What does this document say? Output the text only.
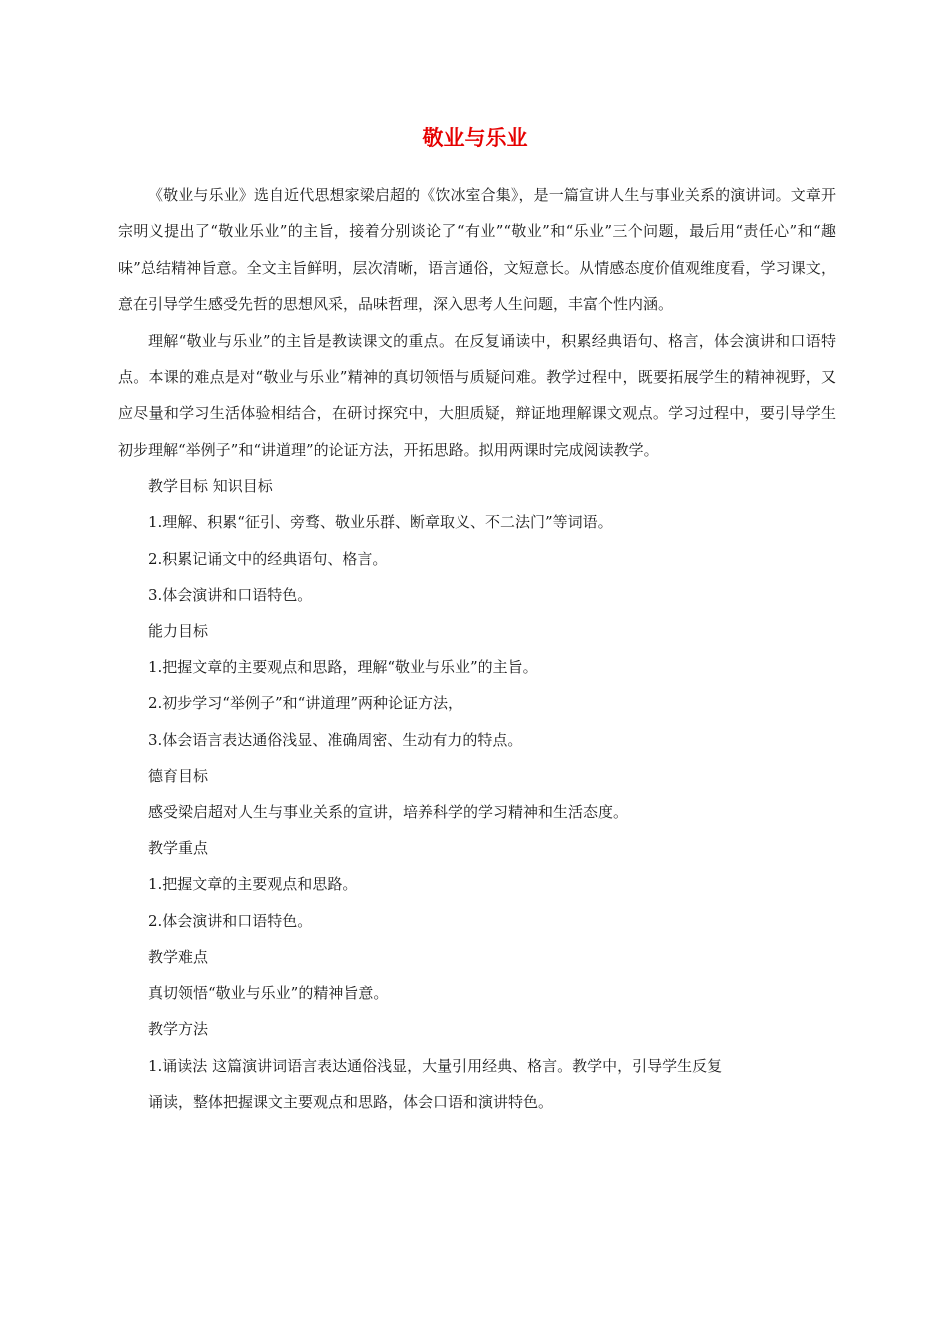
敬业与乐业

《敬业与乐业》选自近代思想家梁启超的《饮冰室合集》，是一篇宣讲人生与事业关系的演讲词。文章开宗明义提出了“敬业乐业”的主旨，接着分别谈论了“有业”“敬业”和“乐业”三个问题，最后用“责任心”和“趣味”总结精神旨意。全文主旨鲜明，层次清晰，语言通俗，文短意长。从情感态度价值观维度看，学习课文，意在引导学生感受先哲的思想风采，品味哲理，深入思考人生问题，丰富个性内涵。

理解“敬业与乐业”的主旨是教读课文的重点。在反复诵读中，积累经典语句、格言，体会演讲和口语特点。本课的难点是对“敬业与乐业”精神的真切领悟与质疑问难。教学过程中，既要拓展学生的精神视野，又应尽量和学习生活体验相结合，在研讨探究中，大胆质疑，辩证地理解课文观点。学习过程中，要引导学生初步理解“举例子”和“讲道理”的论证方法，开拓思路。拟用两课时完成阅读教学。

教学目标 知识目标

1.理解、积累“征引、旁骛、敬业乐群、断章取义、不二法门”等词语。

2.积累记诵文中的经典语句、格言。

3.体会演讲和口语特色。

能力目标

1.把握文章的主要观点和思路，理解“敬业与乐业”的主旨。

2.初步学习“举例子”和“讲道理”两种论证方法，

3.体会语言表达通俗浅显、准确周密、生动有力的特点。

德育目标

感受梁启超对人生与事业关系的宣讲，培养科学的学习精神和生活态度。

教学重点

1.把握文章的主要观点和思路。

2.体会演讲和口语特色。

教学难点

真切领悟“敬业与乐业”的精神旨意。

教学方法

1.诵读法 这篇演讲词语言表达通俗浅显，大量引用经典、格言。教学中，引导学生反复
诵读，整体把握课文主要观点和思路，体会口语和演讲特色。
